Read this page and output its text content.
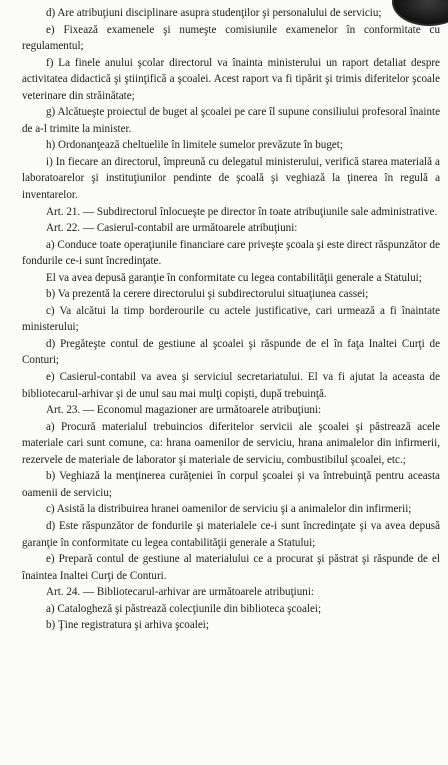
d) Are atribuţiuni disciplinare asupra studenţilor şi personalului de serviciu;

e) Fixează examenele şi numeşte comisiunile examenelor în conformitate cu regulamentul;

f) La finele anului şcolar directorul va înainta ministerului un raport detaliat despre activitatea didactică şi ştiinţifică a şcoalei. Acest raport va fi tipărit şi trimis diferitelor şcoale veterinare din străinătate;

g) Alcătueşte proiectul de buget al şcoalei pe care îl supune consiliului profesoral înainte de a-l trimite la minister.

h) Ordonanţează cheltuelile în limitele sumelor prevăzute în buget;

i) In fiecare an directorul, împreună cu delegatul ministerului, verifică starea materială a laboratoarelor şi instituţiunilor pendinte de şcoală şi veghiază la ţinerea în regulă a inventarelor.

Art. 21. — Subdirectorul înlocueşte pe director în toate atribuţiunile sale administrative.

Art. 22. — Casierul-contabil are următoarele atribuţiuni:

a) Conduce toate operaţiunile financiare care priveşte şcoala şi este direct răspunzător de fondurile ce-i sunt încredinţate.

El va avea depusă garanţie în conformitate cu legea contabilităţii generale a Statului;

b) Va prezentă la cerere directorului şi subdirectorului situaţiunea cassei;

c) Va alcătui la timp borderourile cu actele justificative, cari urmează a fi înaintate ministerului;

d) Pregăteşte contul de gestiune al şcoalei şi răspunde de el în faţa Inaltei Curţi de Conturi;

e) Casierul-contabil va avea şi serviciul secretariatului. El va fi ajutat la aceasta de bibliotecarul-arhivar şi de unul sau mai mulţi copişti, după trebuinţă.

Art. 23. — Economul magazioner are următoarele atribuţiuni:

a) Procură materialul trebuincios diferitelor servicii ale şcoalei şi păstrează acele materiale cari sunt comune, ca: hrana oamenilor de serviciu, hrana animalelor din infirmerii, rezervele de materiale de laborator şi materiale de serviciu, combustibilul şcoalei, etc.;

b) Veghiază la menţinerea curăţeniei în corpul şcoalei şi va întrebuinţă pentru aceasta oamenii de serviciu;

c) Asistă la distribuirea hranei oamenilor de serviciu şi a animalelor din infirmerii;

d) Este răspunzător de fondurile şi materialele ce-i sunt încredinţate şi va avea depusă garanţie în conformitate cu legea contabilităţii generale a Statului;

e) Prepară contul de gestiune al materialului ce a procurat şi păstrat şi răspunde de el înaintea Inaltei Curţi de Conturi.

Art. 24. — Bibliotecarul-arhivar are următoarele atribuţiuni:

a) Catalogheză şi păstrează colecţiunile din biblioteca şcoalei;

b) Ţine registratura şi arhiva şcoalei;
